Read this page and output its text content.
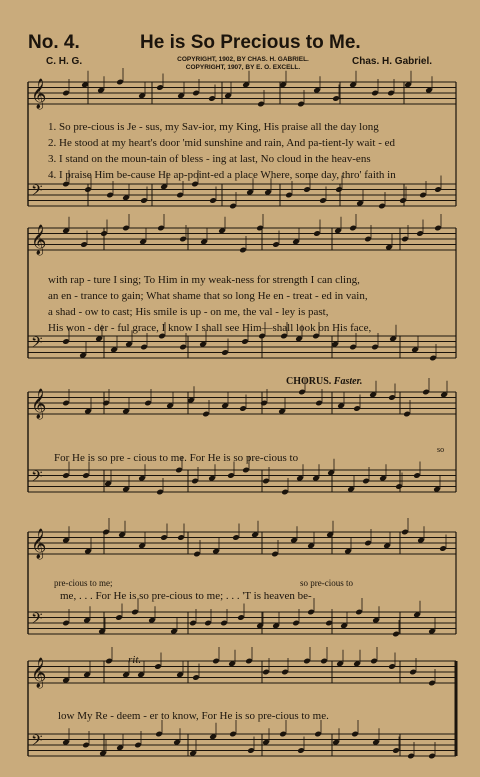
No. 4.	He is So Precious to Me.
C. H. G.	Chas. H. Gabriel.
COPYRIGHT, 1902, BY CHAS. H. GABRIEL.
COPYRIGHT, 1907, BY E. O. EXCELL.
𝄞
𝄢
𝄞
𝄢
𝄞
𝄢
𝄞
𝄢
𝄞
𝄢
1. So pre-cious is Je - sus, my Sav-ior, my King, His praise all the day long
2. He stood at my heart's door 'mid sunshine and rain, And pa-tient-ly wait - ed
3. I stand on the moun-tain of bless - ing at last, No cloud in the heav-ens
4. I praise Him be-cause He ap-point-ed a place Where, some day, thro' faith in
with rap - ture I sing; To Him in my weak-ness for strength I can cling,
an en - trance to gain; What shame that so long He en - treat - ed in vain,
a shad - ow to cast; His smile is up - on me, the val - ley is past,
His won - der - ful grace, I know I shall see Him—shall look on His face,
CHORUS. Faster.
For He is so pre - cious to me. For He is so pre-cious to
so
pre-cious to me;	so pre-cious to
me, . . . For He is so pre-cious to me; . . . 'T is heaven be-
rit.
low My Re - deem - er to know, For He is so pre-cious to me.
